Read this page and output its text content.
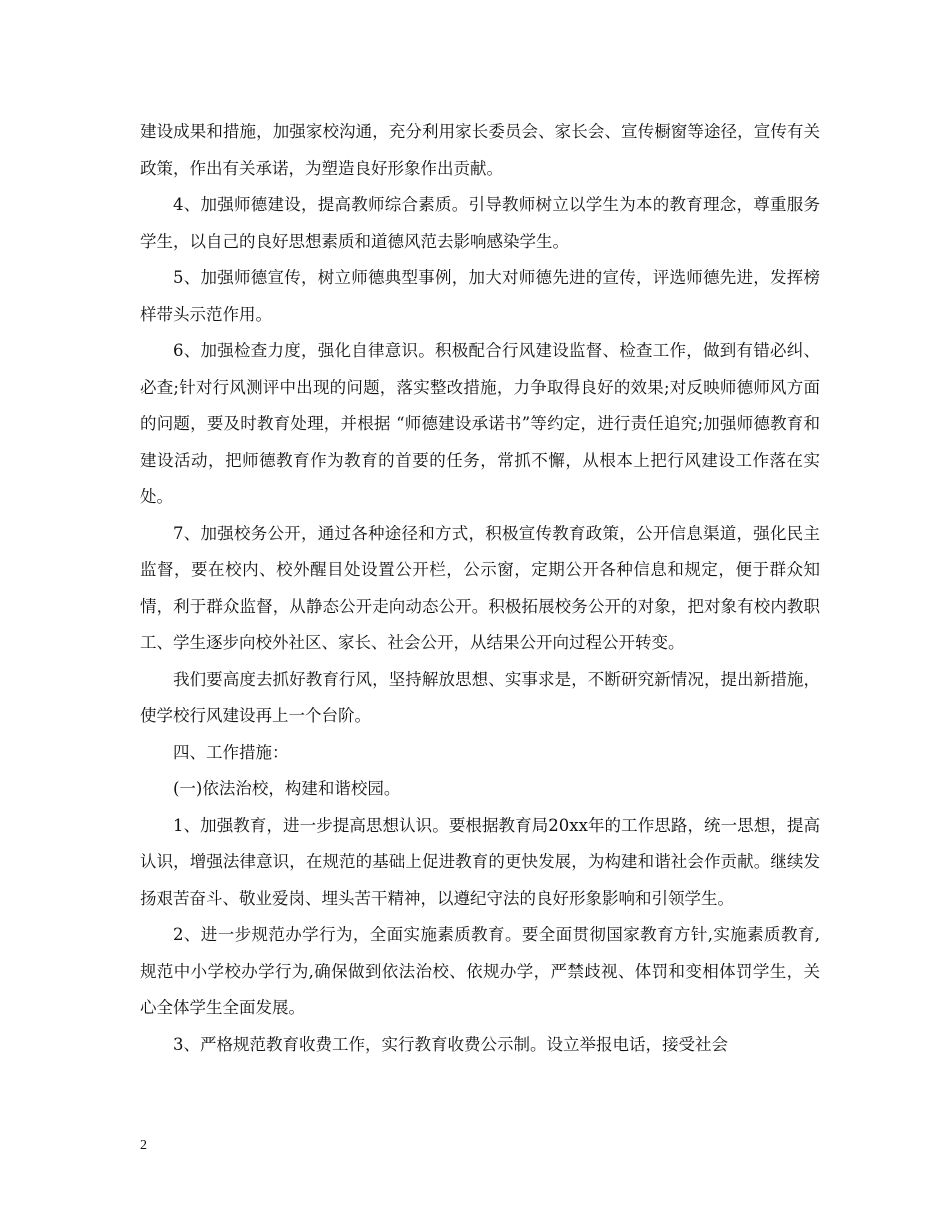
建设成果和措施，加强家校沟通，充分利用家长委员会、家长会、宣传橱窗等途径，宣传有关政策，作出有关承诺，为塑造良好形象作出贡献。

4、加强师德建设，提高教师综合素质。引导教师树立以学生为本的教育理念，尊重服务学生，以自己的良好思想素质和道德风范去影响感染学生。

5、加强师德宣传，树立师德典型事例，加大对师德先进的宣传，评选师德先进，发挥榜样带头示范作用。

6、加强检查力度，强化自律意识。积极配合行风建设监督、检查工作，做到有错必纠、必查;针对行风测评中出现的问题，落实整改措施，力争取得良好的效果;对反映师德师风方面的问题，要及时教育处理，并根据 “师德建设承诺书”等约定，进行责任追究;加强师德教育和建设活动，把师德教育作为教育的首要的任务，常抓不懈，从根本上把行风建设工作落在实处。

7、加强校务公开，通过各种途径和方式，积极宣传教育政策，公开信息渠道，强化民主监督，要在校内、校外醒目处设置公开栏，公示窗，定期公开各种信息和规定，便于群众知情，利于群众监督，从静态公开走向动态公开。积极拓展校务公开的对象，把对象有校内教职工、学生逐步向校外社区、家长、社会公开，从结果公开向过程公开转变。

我们要高度去抓好教育行风，坚持解放思想、实事求是，不断研究新情况，提出新措施，使学校行风建设再上一个台阶。

四、工作措施：

(一)依法治校，构建和谐校园。

1、加强教育，进一步提高思想认识。要根据教育局20xx年的工作思路，统一思想，提高认识，增强法律意识，在规范的基础上促进教育的更快发展，为构建和谐社会作贡献。继续发扬艰苦奋斗、敬业爱岗、埋头苦干精神，以遵纪守法的良好形象影响和引领学生。

2、进一步规范办学行为，全面实施素质教育。要全面贯彻国家教育方针,实施素质教育, 规范中小学校办学行为,确保做到依法治校、依规办学，严禁歧视、体罚和变相体罚学生，关心全体学生全面发展。

3、严格规范教育收费工作，实行教育收费公示制。设立举报电话，接受社会

2
